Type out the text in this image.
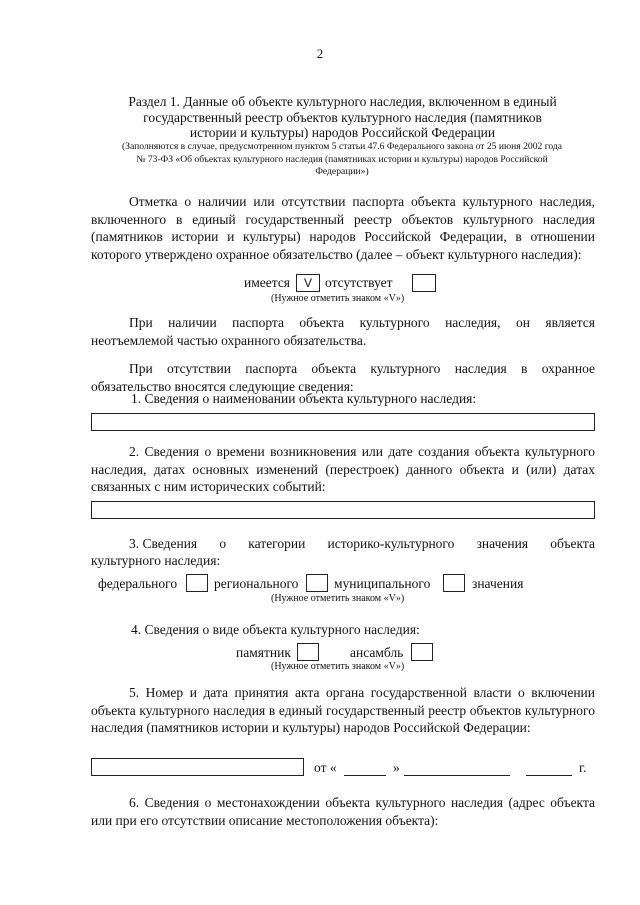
2
Раздел 1. Данные об объекте культурного наследия, включенном в единый
государственный реестр объектов культурного наследия (памятников
истории и культуры) народов Российской Федерации
(Заполняются в случае, предусмотренном пунктом 5 статьи 47.6 Федерального закона от 25 июня 2002 года
№ 73-ФЗ «Об объектах культурного наследия (памятниках истории и культуры) народов Российской
Федерации»)
Отметка о наличии или отсутствии паспорта объекта культурного наследия, включенного в единый государственный реестр объектов культурного наследия (памятников истории и культуры) народов Российской Федерации, в отношении которого утверждено охранное обязательство (далее – объект культурного наследия):
имеется	V отсутствует
(Нужное отметить знаком «V»)
При наличии паспорта объекта культурного наследия, он является неотъемлемой частью охранного обязательства.
При отсутствии паспорта объекта культурного наследия в охранное обязательство вносятся следующие сведения:
1. Сведения о наименовании объекта культурного наследия:
2. Сведения о времени возникновения или дате создания объекта культурного наследия, датах основных изменений (перестроек) данного объекта и (или) датах связанных с ним исторических событий:
3. Сведения о категории историко-культурного значения объекта
культурного наследия:
федерального	регионального	муниципального	значения
(Нужное отметить знаком «V»)
4. Сведения о виде объекта культурного наследия:
памятник	ансамбль
(Нужное отметить знаком «V»)
5. Номер и дата принятия акта органа государственной власти о включении объекта культурного наследия в единый государственный реестр объектов культурного наследия (памятников истории и культуры) народов Российской Федерации:
от «	»	г.
6. Сведения о местонахождении объекта культурного наследия (адрес объекта или при его отсутствии описание местоположения объекта):
